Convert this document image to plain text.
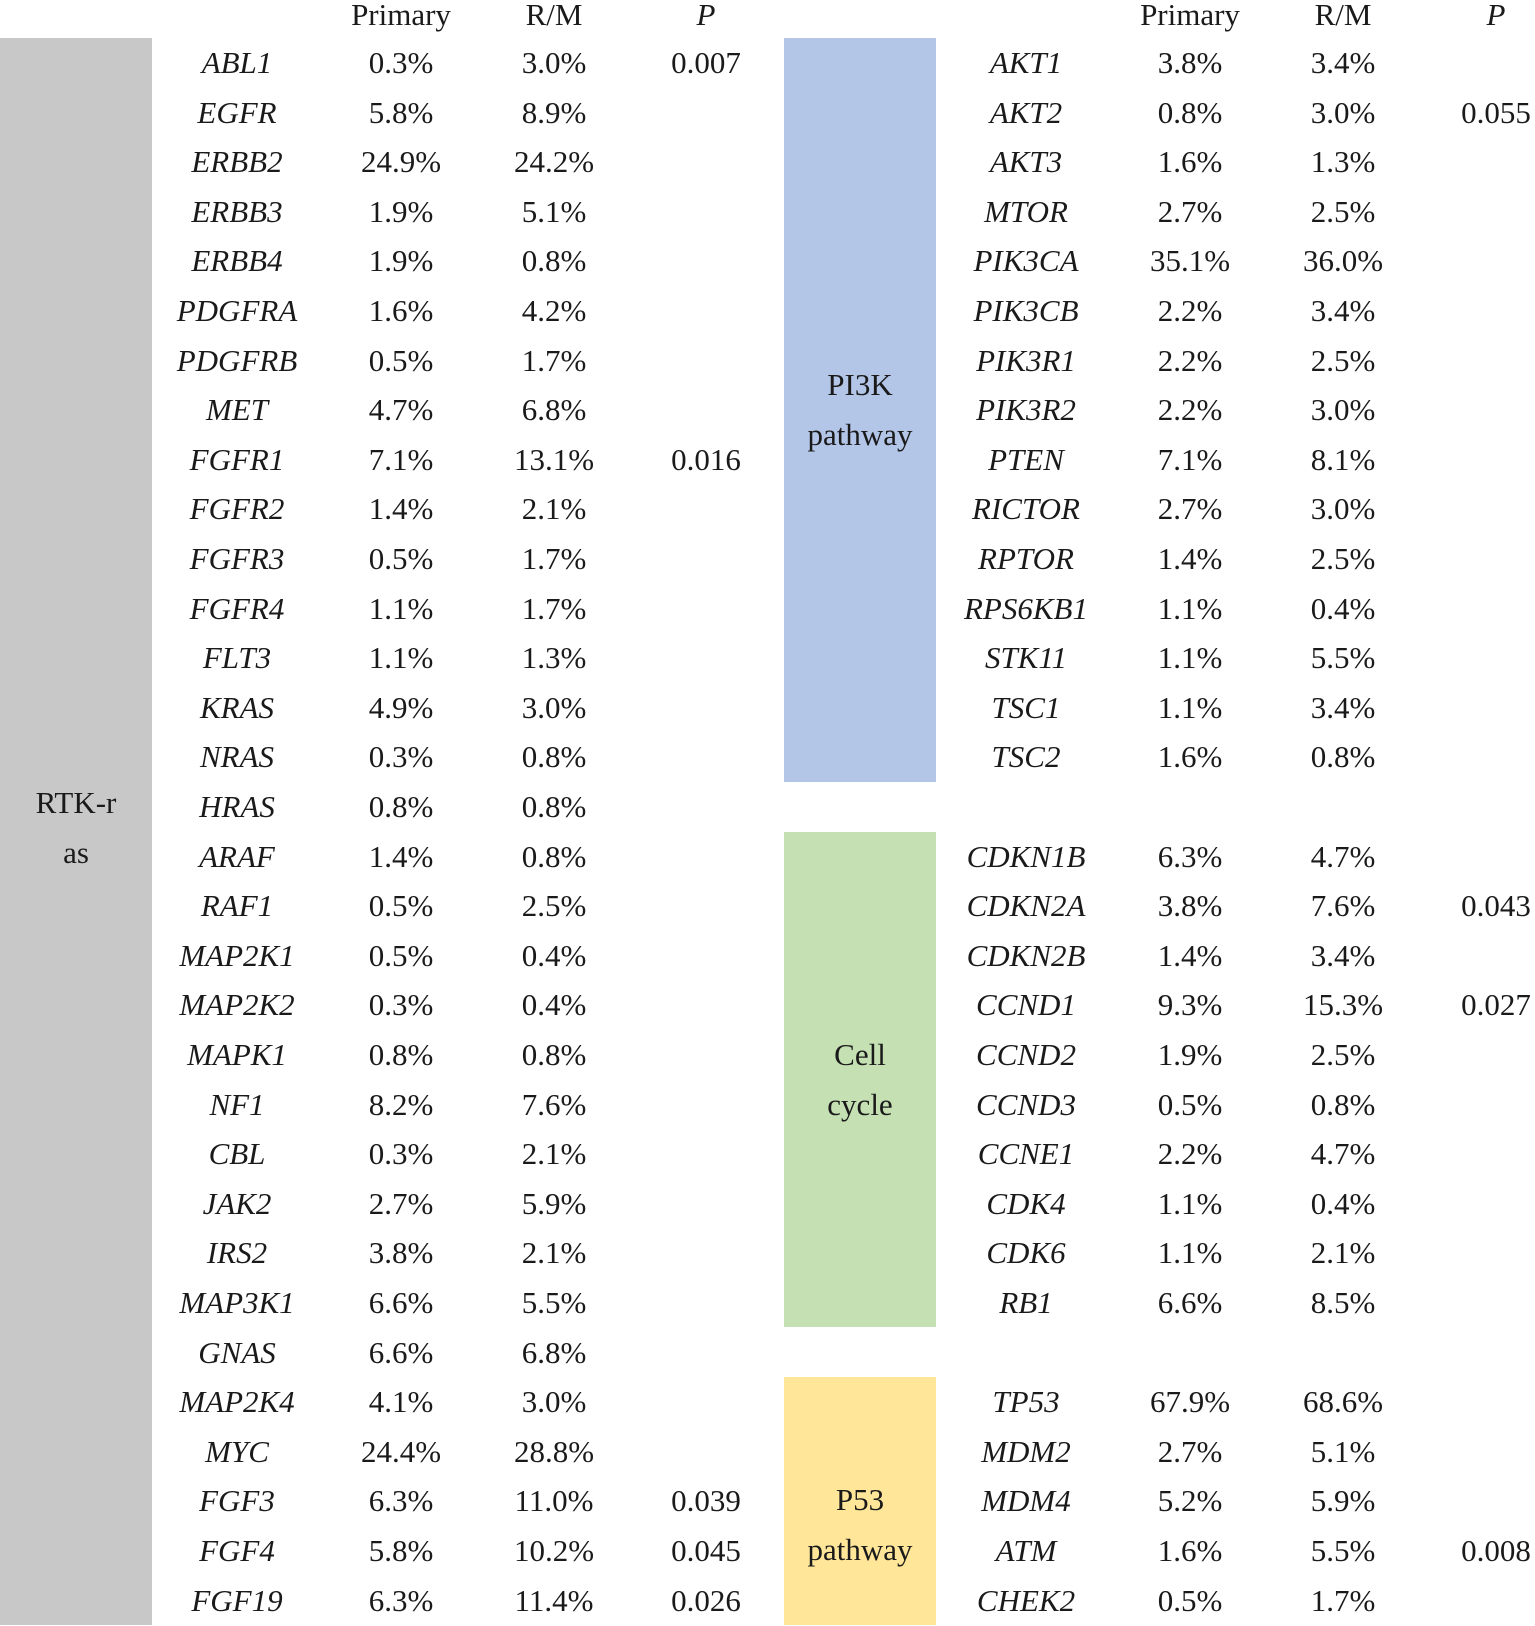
RTK-ras
PI3K pathway
Cell cycle
P53 pathway
Primary	R/M	P	Primary	R/M	P
ABL1	0.3%	3.0%	0.007
EGFR	5.8%	8.9%
ERBB2	24.9%	24.2%
ERBB3	1.9%	5.1%
ERBB4	1.9%	0.8%
PDGFRA	1.6%	4.2%
PDGFRB	0.5%	1.7%
MET	4.7%	6.8%
FGFR1	7.1%	13.1%	0.016
FGFR2	1.4%	2.1%
FGFR3	0.5%	1.7%
FGFR4	1.1%	1.7%
FLT3	1.1%	1.3%
KRAS	4.9%	3.0%
NRAS	0.3%	0.8%
HRAS	0.8%	0.8%
ARAF	1.4%	0.8%
RAF1	0.5%	2.5%
MAP2K1	0.5%	0.4%
MAP2K2	0.3%	0.4%
MAPK1	0.8%	0.8%
NF1	8.2%	7.6%
CBL	0.3%	2.1%
JAK2	2.7%	5.9%
IRS2	3.8%	2.1%
MAP3K1	6.6%	5.5%
GNAS	6.6%	6.8%
MAP2K4	4.1%	3.0%
MYC	24.4%	28.8%
FGF3	6.3%	11.0%	0.039
FGF4	5.8%	10.2%	0.045
FGF19	6.3%	11.4%	0.026
AKT1	3.8%	3.4%
AKT2	0.8%	3.0%	0.055
AKT3	1.6%	1.3%
MTOR	2.7%	2.5%
PIK3CA	35.1%	36.0%
PIK3CB	2.2%	3.4%
PIK3R1	2.2%	2.5%
PIK3R2	2.2%	3.0%
PTEN	7.1%	8.1%
RICTOR	2.7%	3.0%
RPTOR	1.4%	2.5%
RPS6KB1	1.1%	0.4%
STK11	1.1%	5.5%
TSC1	1.1%	3.4%
TSC2	1.6%	0.8%
CDKN1B	6.3%	4.7%
CDKN2A	3.8%	7.6%	0.043
CDKN2B	1.4%	3.4%
CCND1	9.3%	15.3%	0.027
CCND2	1.9%	2.5%
CCND3	0.5%	0.8%
CCNE1	2.2%	4.7%
CDK4	1.1%	0.4%
CDK6	1.1%	2.1%
RB1	6.6%	8.5%
TP53	67.9%	68.6%
MDM2	2.7%	5.1%
MDM4	5.2%	5.9%
ATM	1.6%	5.5%	0.008
CHEK2	0.5%	1.7%
